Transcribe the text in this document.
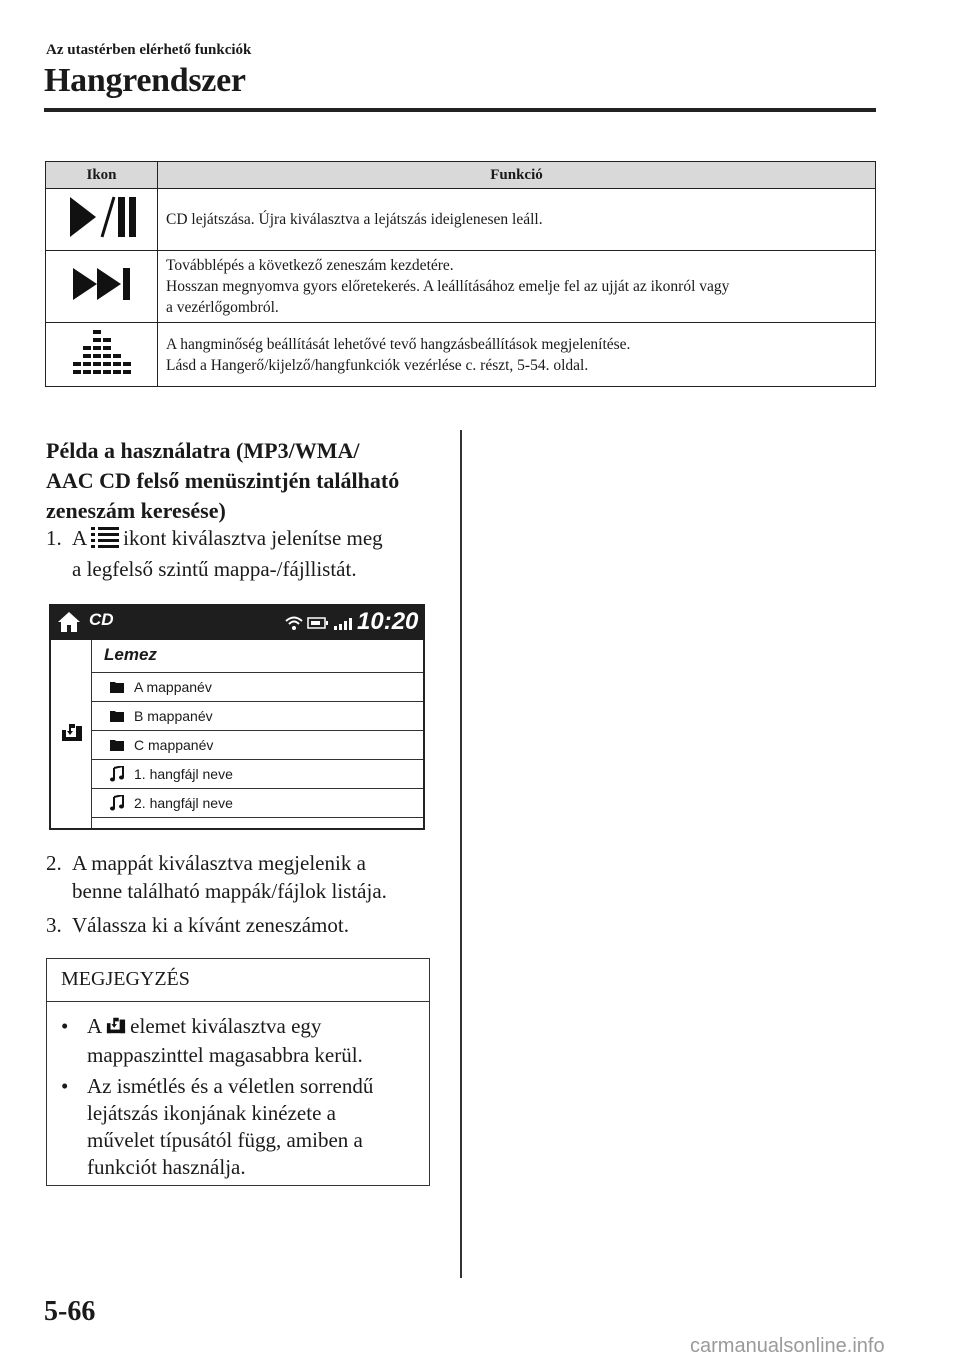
Az utastérben elérhető funkciók
Hangrendszer
Ikon	Funkció

CD lejátszása. Újra kiválasztva a lejátszás ideiglenesen leáll.

Továbblépés a következő zeneszám kezdetére.
Hosszan megnyomva gyors előretekerés. A leállításához emelje fel az ujját az ikonról vagy
a vezérlőgombról.

A hangminőség beállítását lehetővé tevő hangzásbeállítások megjelenítése.
Lásd a Hangerő/kijelző/hangfunkciók vezérlése c. részt, 5-54. oldal.
Példa a használatra (MP3/WMA/
AAC CD felső menüszintjén található
zeneszám keresése)
1. A ikont kiválasztva jelenítse meg
a legfelső szintű mappa-/fájllistát.
CD
	10:20
Lemez
A mappanév
B mappanév
C mappanév
1. hangfájl neve
2. hangfájl neve
2. A mappát kiválasztva megjelenik a
benne található mappák/fájlok listája.
3. Válassza ki a kívánt zeneszámot.
MEGJEGYZÉS
• A elemet kiválasztva egy
mappaszinttel magasabbra kerül.
• Az ismétlés és a véletlen sorrendű
lejátszás ikonjának kinézete a
művelet típusától függ, amiben a
funkciót használja.
5-66
carmanualsonline.info
